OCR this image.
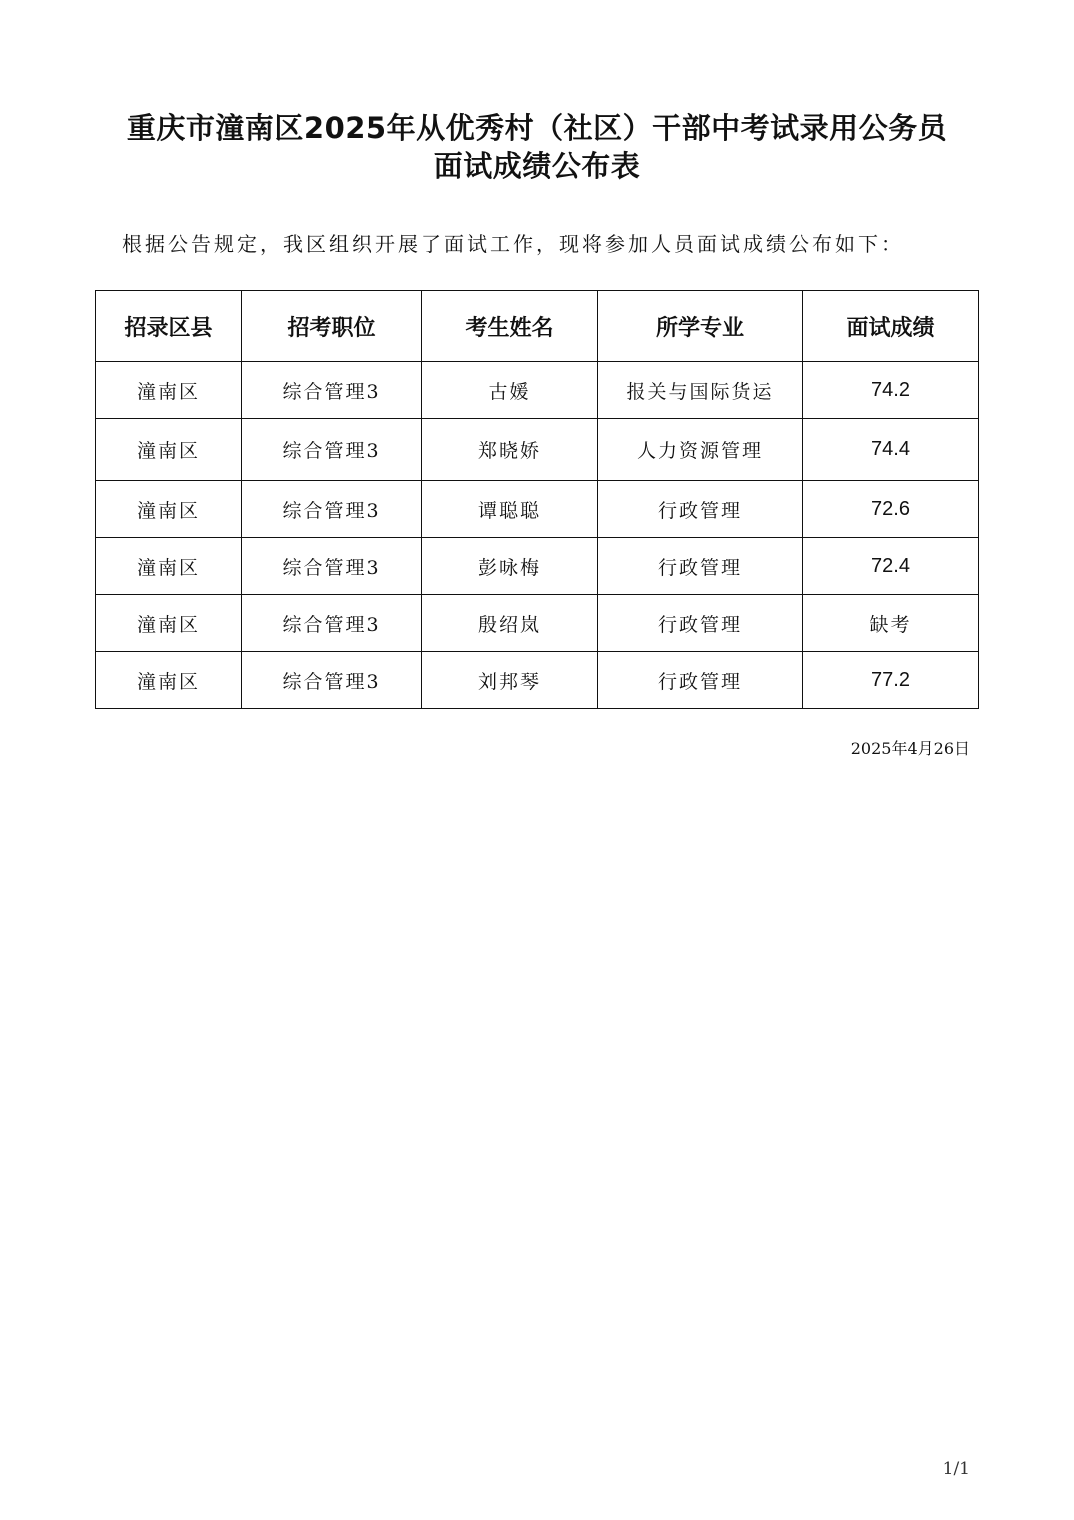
重庆市潼南区2025年从优秀村（社区）干部中考试录用公务员
面试成绩公布表
根据公告规定，我区组织开展了面试工作，现将参加人员面试成绩公布如下：
招录区县	招考职位	考生姓名	所学专业	面试成绩
潼南区	综合管理3	古媛	报关与国际货运	74.2
潼南区	综合管理3	郑晓娇	人力资源管理	74.4
潼南区	综合管理3	谭聪聪	行政管理	72.6
潼南区	综合管理3	彭咏梅	行政管理	72.4
潼南区	综合管理3	殷绍岚	行政管理	缺考
潼南区	综合管理3	刘邦琴	行政管理	77.2
2025年4月26日
1/1
